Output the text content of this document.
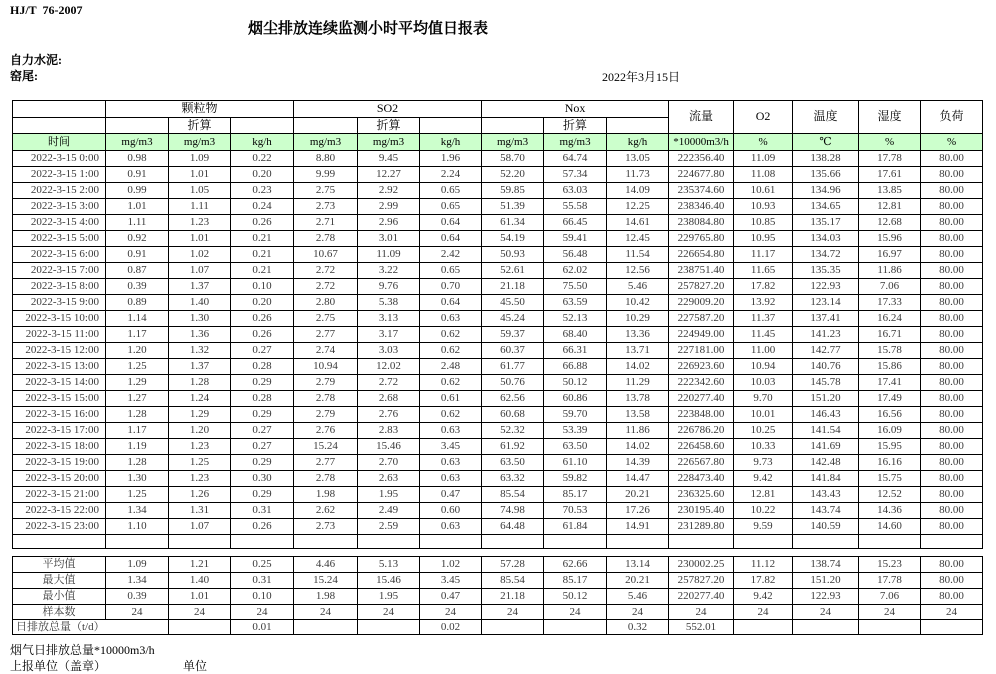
HJ/T  76-2007
烟尘排放连续监测小时平均值日报表
自力水泥:
窑尾:	2022年3月15日
	颗粒物			SO2			Nox			流量	O2	温度	湿度	负荷
		折算			折算			折算						
时间	mg/m3	mg/m3	kg/h	mg/m3	mg/m3	kg/h	mg/m3	mg/m3	kg/h	*10000m3/h	%	℃	%	%
2022-3-15 0:00	0.98	1.09	0.22	8.80	9.45	1.96	58.70	64.74	13.05	222356.40	11.09	138.28	17.78	80.00
2022-3-15 1:00	0.91	1.01	0.20	9.99	12.27	2.24	52.20	57.34	11.73	224677.80	11.08	135.66	17.61	80.00
2022-3-15 2:00	0.99	1.05	0.23	2.75	2.92	0.65	59.85	63.03	14.09	235374.60	10.61	134.96	13.85	80.00
2022-3-15 3:00	1.01	1.11	0.24	2.73	2.99	0.65	51.39	55.58	12.25	238346.40	10.93	134.65	12.81	80.00
2022-3-15 4:00	1.11	1.23	0.26	2.71	2.96	0.64	61.34	66.45	14.61	238084.80	10.85	135.17	12.68	80.00
2022-3-15 5:00	0.92	1.01	0.21	2.78	3.01	0.64	54.19	59.41	12.45	229765.80	10.95	134.03	15.96	80.00
2022-3-15 6:00	0.91	1.02	0.21	10.67	11.09	2.42	50.93	56.48	11.54	226654.80	11.17	134.72	16.97	80.00
2022-3-15 7:00	0.87	1.07	0.21	2.72	3.22	0.65	52.61	62.02	12.56	238751.40	11.65	135.35	11.86	80.00
2022-3-15 8:00	0.39	1.37	0.10	2.72	9.76	0.70	21.18	75.50	5.46	257827.20	17.82	122.93	7.06	80.00
2022-3-15 9:00	0.89	1.40	0.20	2.80	5.38	0.64	45.50	63.59	10.42	229009.20	13.92	123.14	17.33	80.00
2022-3-15 10:00	1.14	1.30	0.26	2.75	3.13	0.63	45.24	52.13	10.29	227587.20	11.37	137.41	16.24	80.00
2022-3-15 11:00	1.17	1.36	0.26	2.77	3.17	0.62	59.37	68.40	13.36	224949.00	11.45	141.23	16.71	80.00
2022-3-15 12:00	1.20	1.32	0.27	2.74	3.03	0.62	60.37	66.31	13.71	227181.00	11.00	142.77	15.78	80.00
2022-3-15 13:00	1.25	1.37	0.28	10.94	12.02	2.48	61.77	66.88	14.02	226923.60	10.94	140.76	15.86	80.00
2022-3-15 14:00	1.29	1.28	0.29	2.79	2.72	0.62	50.76	50.12	11.29	222342.60	10.03	145.78	17.41	80.00
2022-3-15 15:00	1.27	1.24	0.28	2.78	2.68	0.61	62.56	60.86	13.78	220277.40	9.70	151.20	17.49	80.00
2022-3-15 16:00	1.28	1.29	0.29	2.79	2.76	0.62	60.68	59.70	13.58	223848.00	10.01	146.43	16.56	80.00
2022-3-15 17:00	1.17	1.20	0.27	2.76	2.83	0.63	52.32	53.39	11.86	226786.20	10.25	141.54	16.09	80.00
2022-3-15 18:00	1.19	1.23	0.27	15.24	15.46	3.45	61.92	63.50	14.02	226458.60	10.33	141.69	15.95	80.00
2022-3-15 19:00	1.28	1.25	0.29	2.77	2.70	0.63	63.50	61.10	14.39	226567.80	9.73	142.48	16.16	80.00
2022-3-15 20:00	1.30	1.23	0.30	2.78	2.63	0.63	63.32	59.82	14.47	228473.40	9.42	141.84	15.75	80.00
2022-3-15 21:00	1.25	1.26	0.29	1.98	1.95	0.47	85.54	85.17	20.21	236325.60	12.81	143.43	12.52	80.00
2022-3-15 22:00	1.34	1.31	0.31	2.62	2.49	0.60	74.98	70.53	17.26	230195.40	10.22	143.74	14.36	80.00
2022-3-15 23:00	1.10	1.07	0.26	2.73	2.59	0.63	64.48	61.84	14.91	231289.80	9.59	140.59	14.60	80.00

平均值	1.09	1.21	0.25	4.46	5.13	1.02	57.28	62.66	13.14	230002.25	11.12	138.74	15.23	80.00
最大值	1.34	1.40	0.31	15.24	15.46	3.45	85.54	85.17	20.21	257827.20	17.82	151.20	17.78	80.00
最小值	0.39	1.01	0.10	1.98	1.95	0.47	21.18	50.12	5.46	220277.40	9.42	122.93	7.06	80.00
样本数	24	24	24	24	24	24	24	24	24	24	24	24	24	24
日排放总量（t/d）			0.01			0.02			0.32	552.01				
烟气日排放总量*10000m3/h
上报单位（盖章）	单位
